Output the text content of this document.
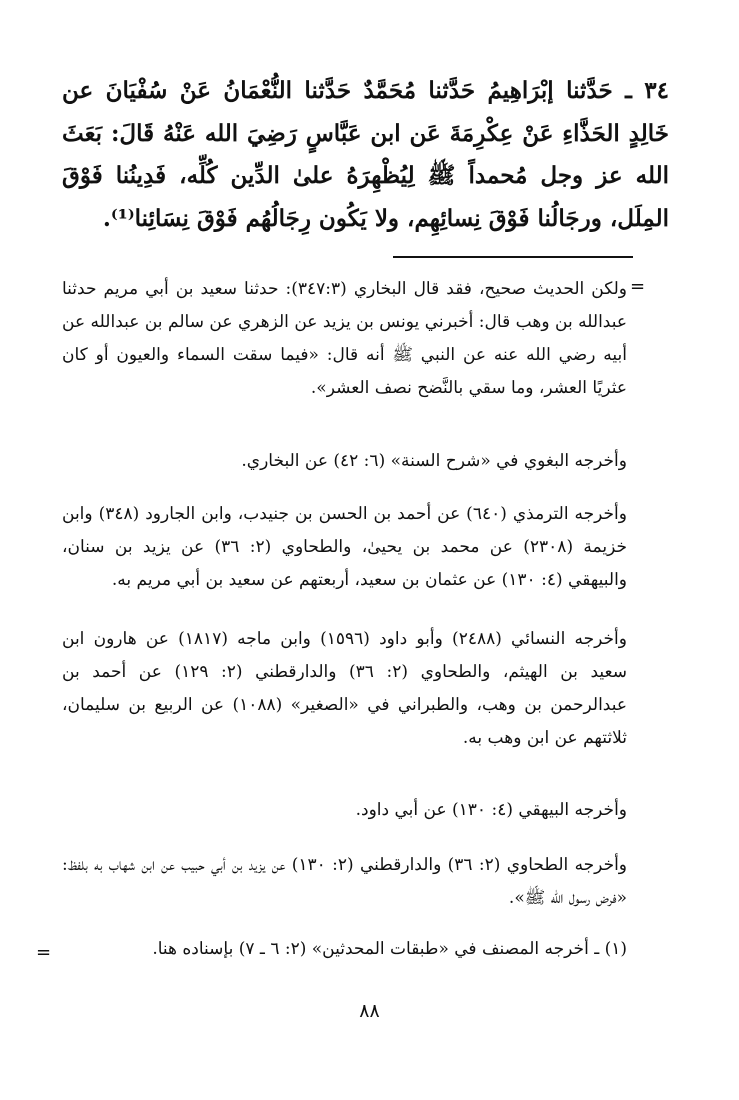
٣٤ ـ حَدَّثنا إبْرَاهِيمُ حَدَّثنا مُحَمَّدٌ حَدَّثنا النُّعْمَانُ عَنْ سُفْيَانَ عن خَالِدٍ الحَذَّاءِ عَنْ عِكْرِمَةَ عَن ابن عَبَّاسٍ رَضِيَ الله عَنْهُ قَالَ: بَعَثَ الله عز وجل مُحمداً ﷺ لِيُظْهِرَهُ علىٰ الدِّين كُلِّه، فَدِينُنا فَوْقَ المِلَل، ورجَالُنا فَوْقَ نِسائِهِم، ولا يَكُون رِجَالُهُم فَوْقَ نِسَائِنا⁽¹⁾.
=

ولكن الحديث صحيح، فقد قال البخاري (٣٤٧:٣): حدثنا سعيد بن أبي مريم حدثنا عبدالله بن وهب قال: أخبرني يونس بن يزيد عن الزهري عن سالم بن عبدالله عن أبيه رضي الله عنه عن النبي ﷺ أنه قال: «فيما سقت السماء والعيون أو كان عثريًا العشر، وما سقي بالنَّضح نصف العشر».

وأخرجه البغوي في «شرح السنة» (٦: ٤٢) عن البخاري.

وأخرجه الترمذي (٦٤٠) عن أحمد بن الحسن بن جنيدب، وابن الجارود (٣٤٨) وابن خزيمة (٢٣٠٨) عن محمد بن يحيىٰ، والطحاوي (٢: ٣٦) عن يزيد بن سنان، والبيهقي (٤: ١٣٠) عن عثمان بن سعيد، أربعتهم عن سعيد بن أبي مريم به.

وأخرجه النسائي (٢٤٨٨) وأبو داود (١٥٩٦) وابن ماجه (١٨١٧) عن هارون ابن سعيد بن الهيثم، والطحاوي (٢: ٣٦) والدارقطني (٢: ١٢٩) عن أحمد بن عبدالرحمن بن وهب، والطبراني في «الصغير» (١٠٨٨) عن الربيع بن سليمان، ثلاثتهم عن ابن وهب به.

وأخرجه البيهقي (٤: ١٣٠) عن أبي داود.

وأخرجه الطحاوي (٢: ٣٦) والدارقطني (٢: ١٣٠) عن يزيد بن أبي حبيب عن ابن شهاب به بلفظ: «فرض رسول الله ﷺ».

(١) ـ أخرجه المصنف في «طبقات المحدثين» (٢: ٦ ـ ٧) بإسناده هنا.

=
٨٨
